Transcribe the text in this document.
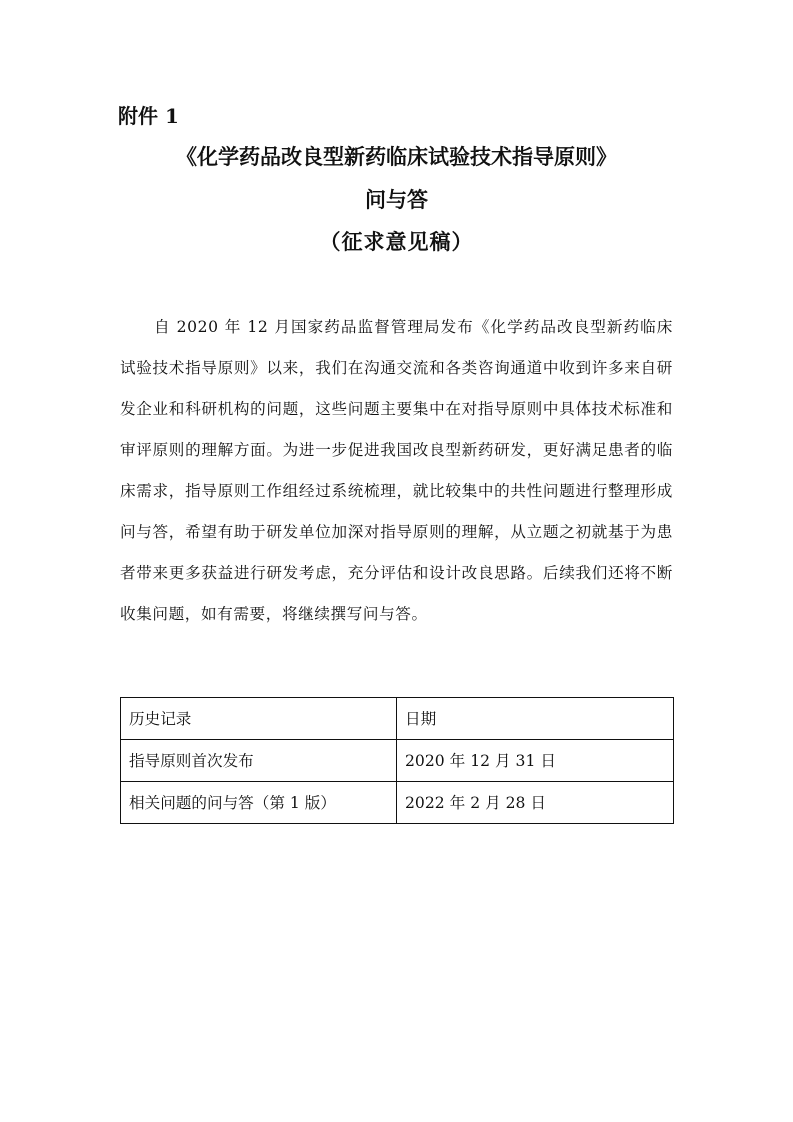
附件 1

《化学药品改良型新药临床试验技术指导原则》

问与答

（征求意见稿）

自 2020 年 12 月国家药品监督管理局发布《化学药品改良型新药临床试验技术指导原则》以来，我们在沟通交流和各类咨询通道中收到许多来自研发企业和科研机构的问题，这些问题主要集中在对指导原则中具体技术标准和审评原则的理解方面。为进一步促进我国改良型新药研发，更好满足患者的临床需求，指导原则工作组经过系统梳理，就比较集中的共性问题进行整理形成问与答，希望有助于研发单位加深对指导原则的理解，从立题之初就基于为患者带来更多获益进行研发考虑，充分评估和设计改良思路。后续我们还将不断收集问题，如有需要，将继续撰写问与答。

历史记录	日期
指导原则首次发布	2020 年 12 月 31 日
相关问题的问与答（第 1 版）	2022 年 2 月 28 日
